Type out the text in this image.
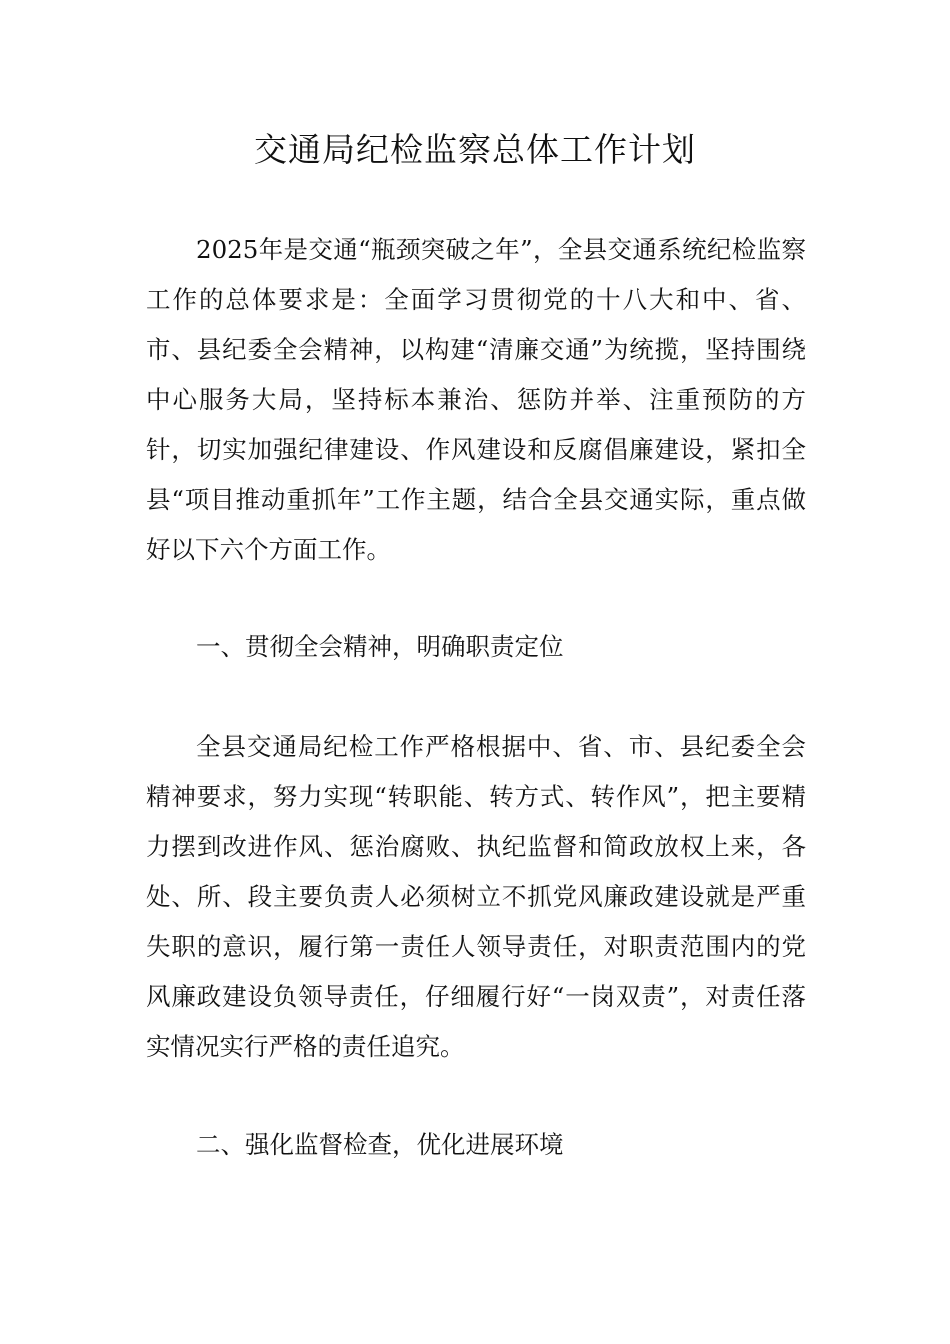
交通局纪检监察总体工作计划

2025年是交通“瓶颈突破之年”，全县交通系统纪检监察工作的总体要求是：全面学习贯彻党的十八大和中、省、市、县纪委全会精神，以构建“清廉交通”为统揽，坚持围绕中心服务大局，坚持标本兼治、惩防并举、注重预防的方针，切实加强纪律建设、作风建设和反腐倡廉建设，紧扣全县“项目推动重抓年”工作主题，结合全县交通实际，重点做好以下六个方面工作。

一、贯彻全会精神，明确职责定位

全县交通局纪检工作严格根据中、省、市、县纪委全会精神要求，努力实现“转职能、转方式、转作风”，把主要精力摆到改进作风、惩治腐败、执纪监督和简政放权上来，各处、所、段主要负责人必须树立不抓党风廉政建设就是严重失职的意识，履行第一责任人领导责任，对职责范围内的党风廉政建设负领导责任，仔细履行好“一岗双责”，对责任落实情况实行严格的责任追究。

二、强化监督检查，优化进展环境
